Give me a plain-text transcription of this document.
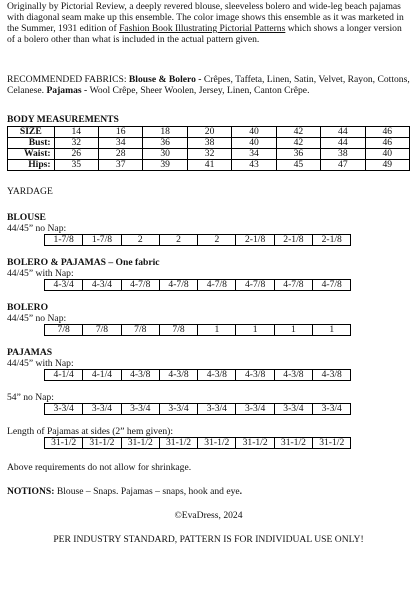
Originally by Pictorial Review, a deeply revered blouse, sleeveless bolero and wide-leg beach pajamas with diagonal seam make up this ensemble. The color image shows this ensemble as it was marketed in the Summer, 1931 edition of Fashion Book Illustrating Pictorial Patterns which shows a longer version of a bolero other than what is included in the actual pattern given.

RECOMMENDED FABRICS: Blouse & Bolero - Crêpes, Taffeta, Linen, Satin, Velvet, Rayon, Cottons, Celanese. Pajamas - Wool Crêpe, Sheer Woolen, Jersey, Linen, Canton Crêpe.

BODY MEASUREMENTS

SIZE	14	16	18	20	40	42	44	46
Bust:	32	34	36	38	40	42	44	46
Waist:	26	28	30	32	34	36	38	40
Hips:	35	37	39	41	43	45	47	49

YARDAGE

BLOUSE

44/45” no Nap:

1-7/8	1-7/8	2	2	2	2-1/8	2-1/8	2-1/8

BOLERO & PAJAMAS – One fabric

44/45” with Nap:

4-3/4	4-3/4	4-7/8	4-7/8	4-7/8	4-7/8	4-7/8	4-7/8

BOLERO

44/45” no Nap:

7/8	7/8	7/8	7/8	1	1	1	1

PAJAMAS

44/45” with Nap:

4-1/4	4-1/4	4-3/8	4-3/8	4-3/8	4-3/8	4-3/8	4-3/8

54” no Nap:

3-3/4	3-3/4	3-3/4	3-3/4	3-3/4	3-3/4	3-3/4	3-3/4

Length of Pajamas at sides (2” hem given):

31-1/2	31-1/2	31-1/2	31-1/2	31-1/2	31-1/2	31-1/2	31-1/2

Above requirements do not allow for shrinkage.

NOTIONS: Blouse – Snaps. Pajamas – snaps, hook and eye.

©EvaDress, 2024

PER INDUSTRY STANDARD, PATTERN IS FOR INDIVIDUAL USE ONLY!
